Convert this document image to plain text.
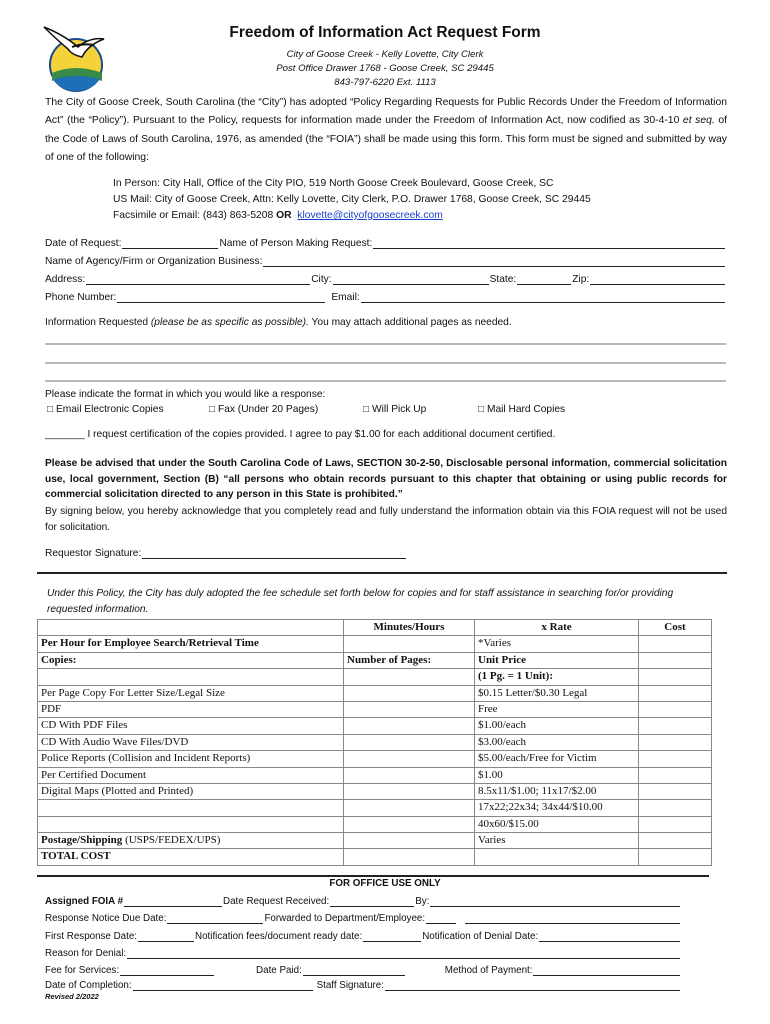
Freedom of Information Act Request Form
City of Goose Creek - Kelly Lovette, City Clerk
Post Office Drawer 1768 - Goose Creek, SC 29445
843-797-6220 Ext. 1113
The City of Goose Creek, South Carolina (the “City”) has adopted “Policy Regarding Requests for Public Records Under the Freedom of Information Act” (the “Policy”). Pursuant to the Policy, requests for information made under the Freedom of Information Act, now codified as 30-4-10 et seq. of the Code of Laws of South Carolina, 1976, as amended (the “FOIA”) shall be made using this form. This form must be signed and submitted by way of one of the following:
In Person: City Hall, Office of the City PIO, 519 North Goose Creek Boulevard, Goose Creek, SC
US Mail: City of Goose Creek, Attn: Kelly Lovette, City Clerk, P.O. Drawer 1768, Goose Creek, SC 29445
Facsimile or Email: (843) 863-5208 OR klovette@cityofgoosecreek.com
Date of Request:	Name of Person Making Request:
Name of Agency/Firm or Organization Business:
Address:	City:	State:	Zip:
Phone Number:	Email:
Information Requested (please be as specific as possible). You may attach additional pages as needed.
Please indicate the format in which you would like a response:
□ Email Electronic Copies	□ Fax (Under 20 Pages)	□ Will Pick Up	□ Mail Hard Copies
_______ I request certification of the copies provided. I agree to pay $1.00 for each additional document certified.
Please be advised that under the South Carolina Code of Laws, SECTION 30-2-50, Disclosable personal information, commercial solicitation use, local government, Section (B) “all persons who obtain records pursuant to this chapter that obtaining or using public records for commercial solicitation directed to any person in this State is prohibited.”
By signing below, you hereby acknowledge that you completely read and fully understand the information obtain via this FOIA request will not be used for solicitation.
Requestor Signature:
Under this Policy, the City has duly adopted the fee schedule set forth below for copies and for staff assistance in searching for/or providing requested information.
	Minutes/Hours	x Rate	Cost
Per Hour for Employee Search/Retrieval Time		*Varies	
Copies:	Number of Pages:	Unit Price	
		(1 Pg. = 1 Unit):	
Per Page Copy For Letter Size/Legal Size		$0.15 Letter/$0.30 Legal	
PDF		Free	
CD With PDF Files		$1.00/each	
CD With Audio Wave Files/DVD		$3.00/each	
Police Reports (Collision and Incident Reports)		$5.00/each/Free for Victim	
Per Certified Document		$1.00	
Digital Maps (Plotted and Printed)		8.5x11/$1.00; 11x17/$2.00	
		17x22;22x34; 34x44/$10.00	
		40x60/$15.00	
Postage/Shipping (USPS/FEDEX/UPS)		Varies	
TOTAL COST			
FOR OFFICE USE ONLY
Assigned FOIA #	Date Request Received:	By:
Response Notice Due Date:	Forwarded to Department/Employee:
First Response Date:	Notification fees/document ready date:	Notification of Denial Date:
Reason for Denial:
Fee for Services:	Date Paid:	Method of Payment:
Date of Completion:	Staff Signature:
Revised 2/2022
